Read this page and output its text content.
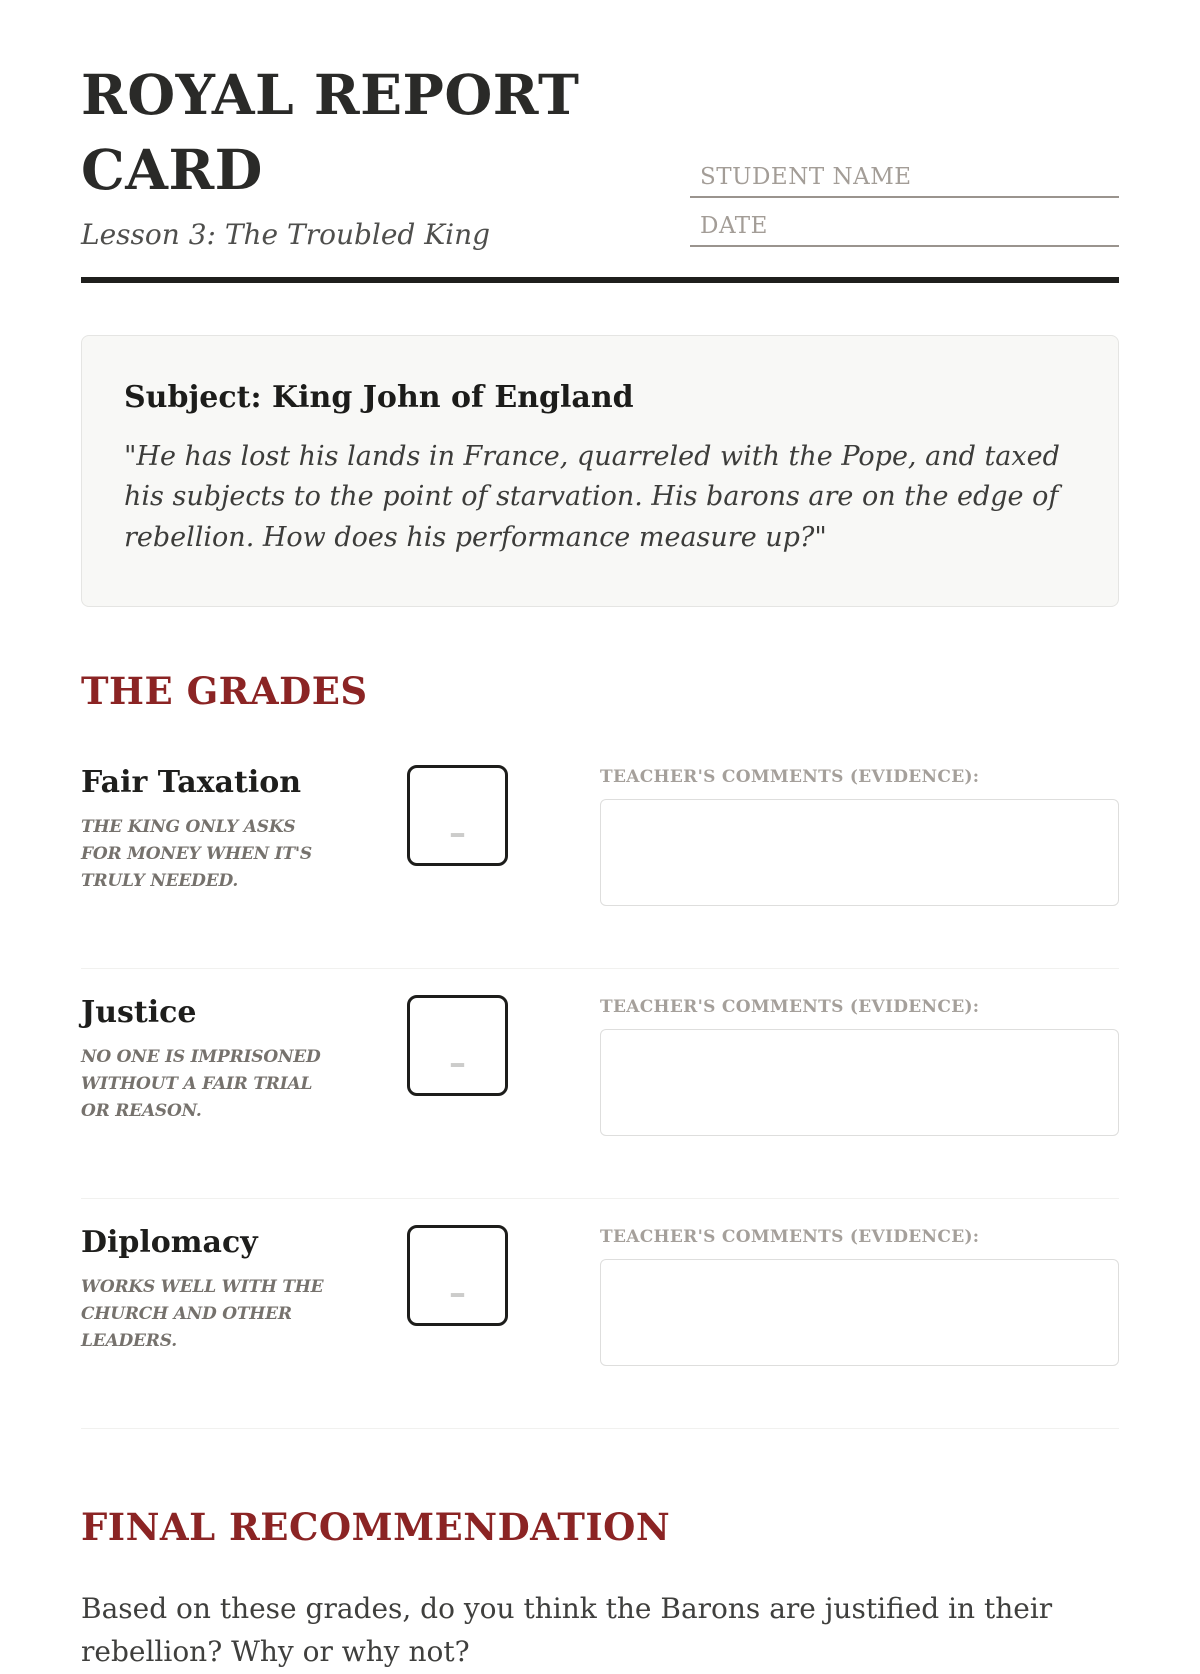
ROYAL REPORT CARD
Lesson 3: The Troubled King
STUDENT NAME
DATE
Subject: King John of England
"He has lost his lands in France, quarreled with the Pope, and taxed his subjects to the point of starvation. His barons are on the edge of rebellion. How does his performance measure up?"
THE GRADES
Fair Taxation
THE KING ONLY ASKS FOR MONEY WHEN IT'S TRULY NEEDED.
–
TEACHER'S COMMENTS (EVIDENCE):
Justice
NO ONE IS IMPRISONED WITHOUT A FAIR TRIAL OR REASON.
–
TEACHER'S COMMENTS (EVIDENCE):
Diplomacy
WORKS WELL WITH THE CHURCH AND OTHER LEADERS.
–
TEACHER'S COMMENTS (EVIDENCE):
FINAL RECOMMENDATION

Based on these grades, do you think the Barons are justified in their rebellion? Why or why not?
